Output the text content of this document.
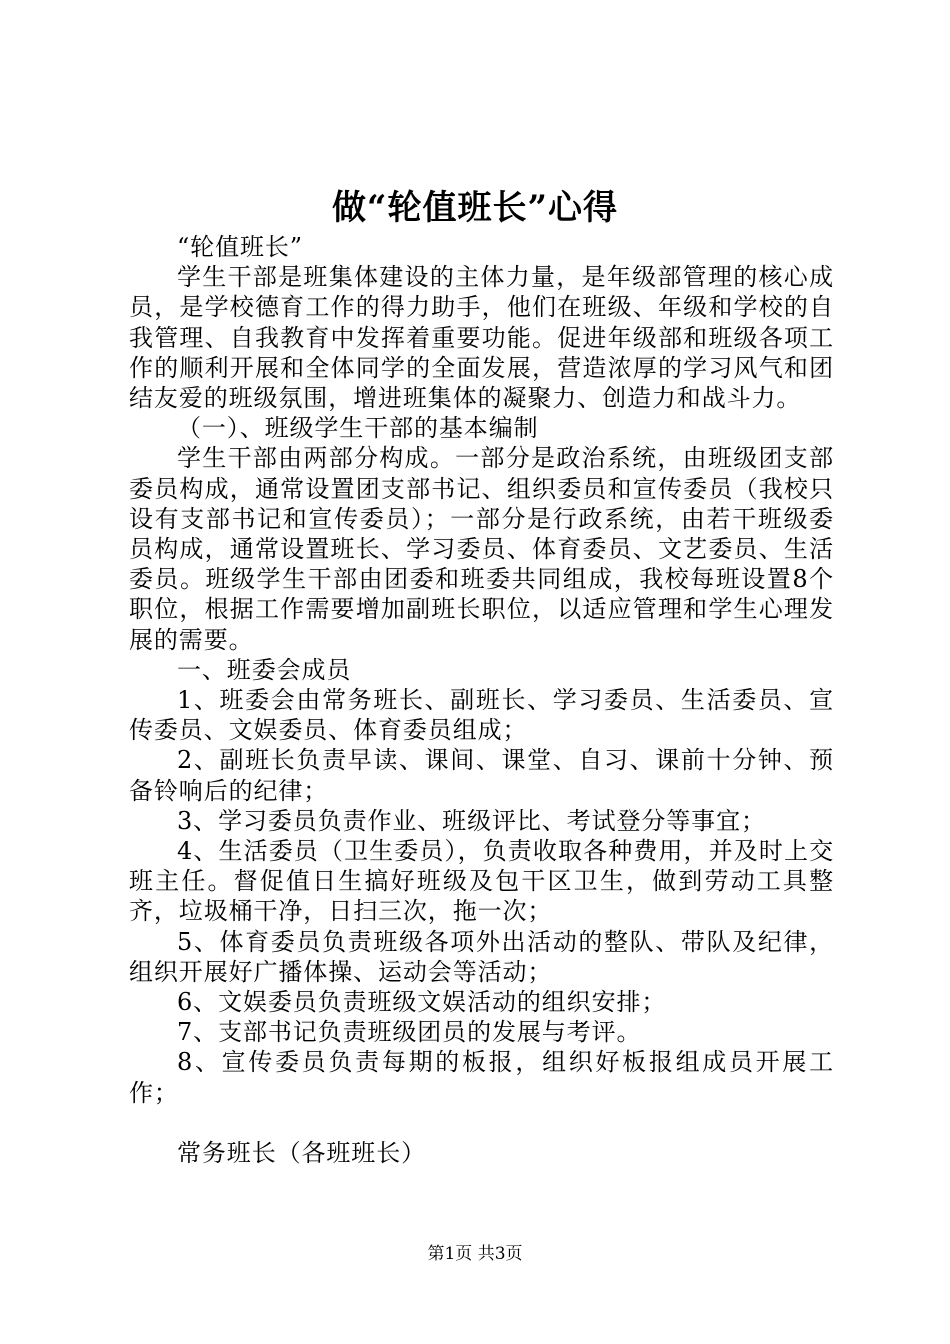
做“轮值班长”心得

“轮值班长”

学生干部是班集体建设的主体力量，是年级部管理的核心成员，是学校德育工作的得力助手，他们在班级、年级和学校的自我管理、自我教育中发挥着重要功能。促进年级部和班级各项工作的顺利开展和全体同学的全面发展，营造浓厚的学习风气和团结友爱的班级氛围，增进班集体的凝聚力、创造力和战斗力。

（一）、班级学生干部的基本编制

学生干部由两部分构成。一部分是政治系统，由班级团支部委员构成，通常设置团支部书记、组织委员和宣传委员（我校只设有支部书记和宣传委员）；一部分是行政系统，由若干班级委员构成，通常设置班长、学习委员、体育委员、文艺委员、生活委员。班级学生干部由团委和班委共同组成，我校每班设置8个职位，根据工作需要增加副班长职位，以适应管理和学生心理发展的需要。

一、班委会成员

1、班委会由常务班长、副班长、学习委员、生活委员、宣传委员、文娱委员、体育委员组成；

2、副班长负责早读、课间、课堂、自习、课前十分钟、预备铃响后的纪律；

3、学习委员负责作业、班级评比、考试登分等事宜；

4、生活委员（卫生委员），负责收取各种费用，并及时上交班主任。督促值日生搞好班级及包干区卫生，做到劳动工具整齐，垃圾桶干净，日扫三次，拖一次；

5、体育委员负责班级各项外出活动的整队、带队及纪律，组织开展好广播体操、运动会等活动；

6、文娱委员负责班级文娱活动的组织安排；

7、支部书记负责班级团员的发展与考评。

8、宣传委员负责每期的板报，组织好板报组成员开展工作；

常务班长（各班班长）

第1页 共3页
